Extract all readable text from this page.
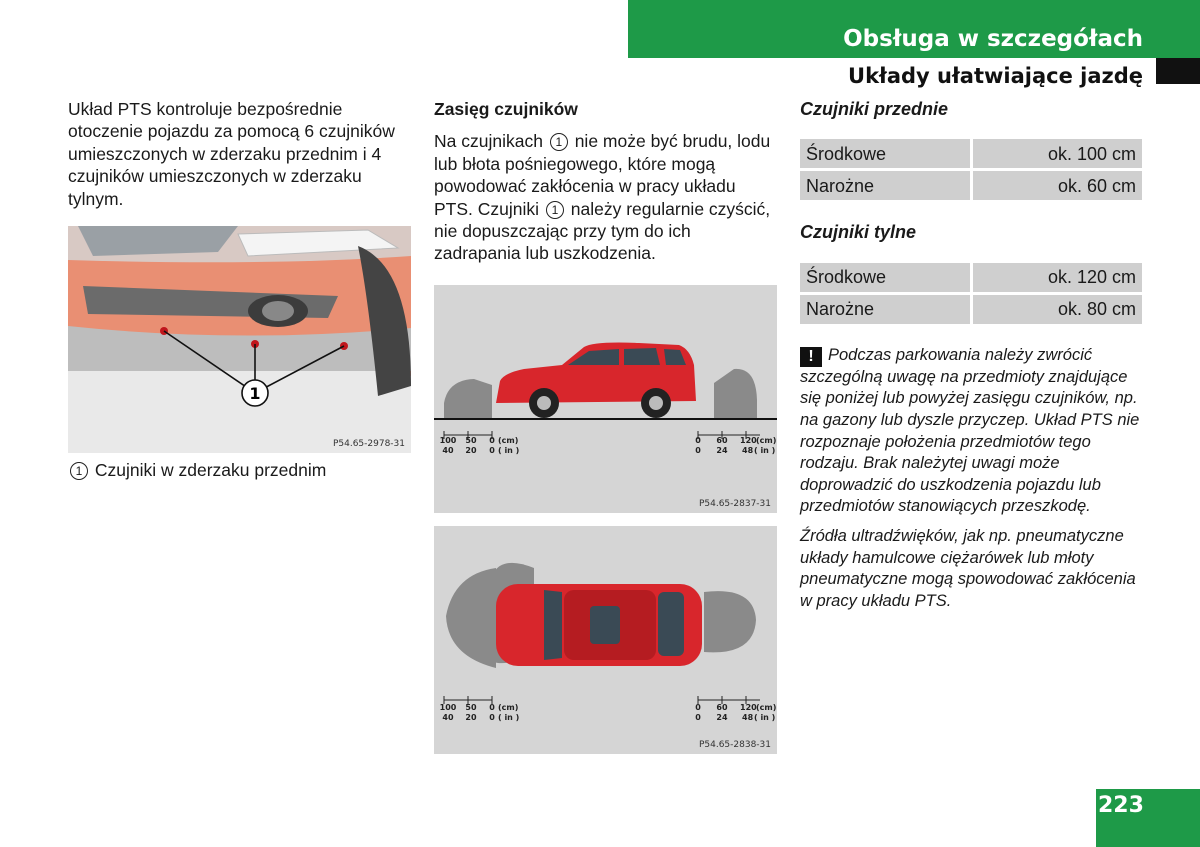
Obsługa w szczegółach
Układy ułatwiające jazdę
Układ PTS kontroluje bezpośrednie otoczenie pojazdu za pomocą 6 czujników umieszczonych w zderzaku przednim i 4 czujników umieszczonych w zderzaku tylnym.
1
P54.65-2978-31
1 Czujniki w zderzaku przednim
Zasięg czujników
Na czujnikach 1 nie może być brudu, lodu lub błota pośniegowego, które mogą powodować zakłócenia w pracy układu PTS. Czujniki 1 należy regularnie czyścić, nie dopuszczając przy tym do ich zadrapania lub uszkodzenia.
100 50 0 (cm)
40 20 0 ( in )
0 60 120 (cm)
0 24 48 ( in )
P54.65-2837-31
100 50 0 (cm)
40 20 0 ( in )
0 60 120 (cm)
0 24 48 ( in )
P54.65-2838-31
Czujniki przednie
Środkowe	ok. 100 cm
Narożne	ok. 60 cm
Czujniki tylne
Środkowe	ok. 120 cm
Narożne	ok. 80 cm
! Podczas parkowania należy zwrócić szczególną uwagę na przedmioty znajdujące się poniżej lub powyżej zasięgu czujników, np. na gazony lub dyszle przyczep. Układ PTS nie rozpoznaje położenia przedmiotów tego rodzaju. Brak należytej uwagi może doprowadzić do uszkodzenia pojazdu lub przedmiotów stanowiących przeszkodę.
Źródła ultradźwięków, jak np. pneumatyczne układy hamulcowe ciężarówek lub młoty pneumatyczne mogą spowodować zakłócenia w pracy układu PTS.
223
